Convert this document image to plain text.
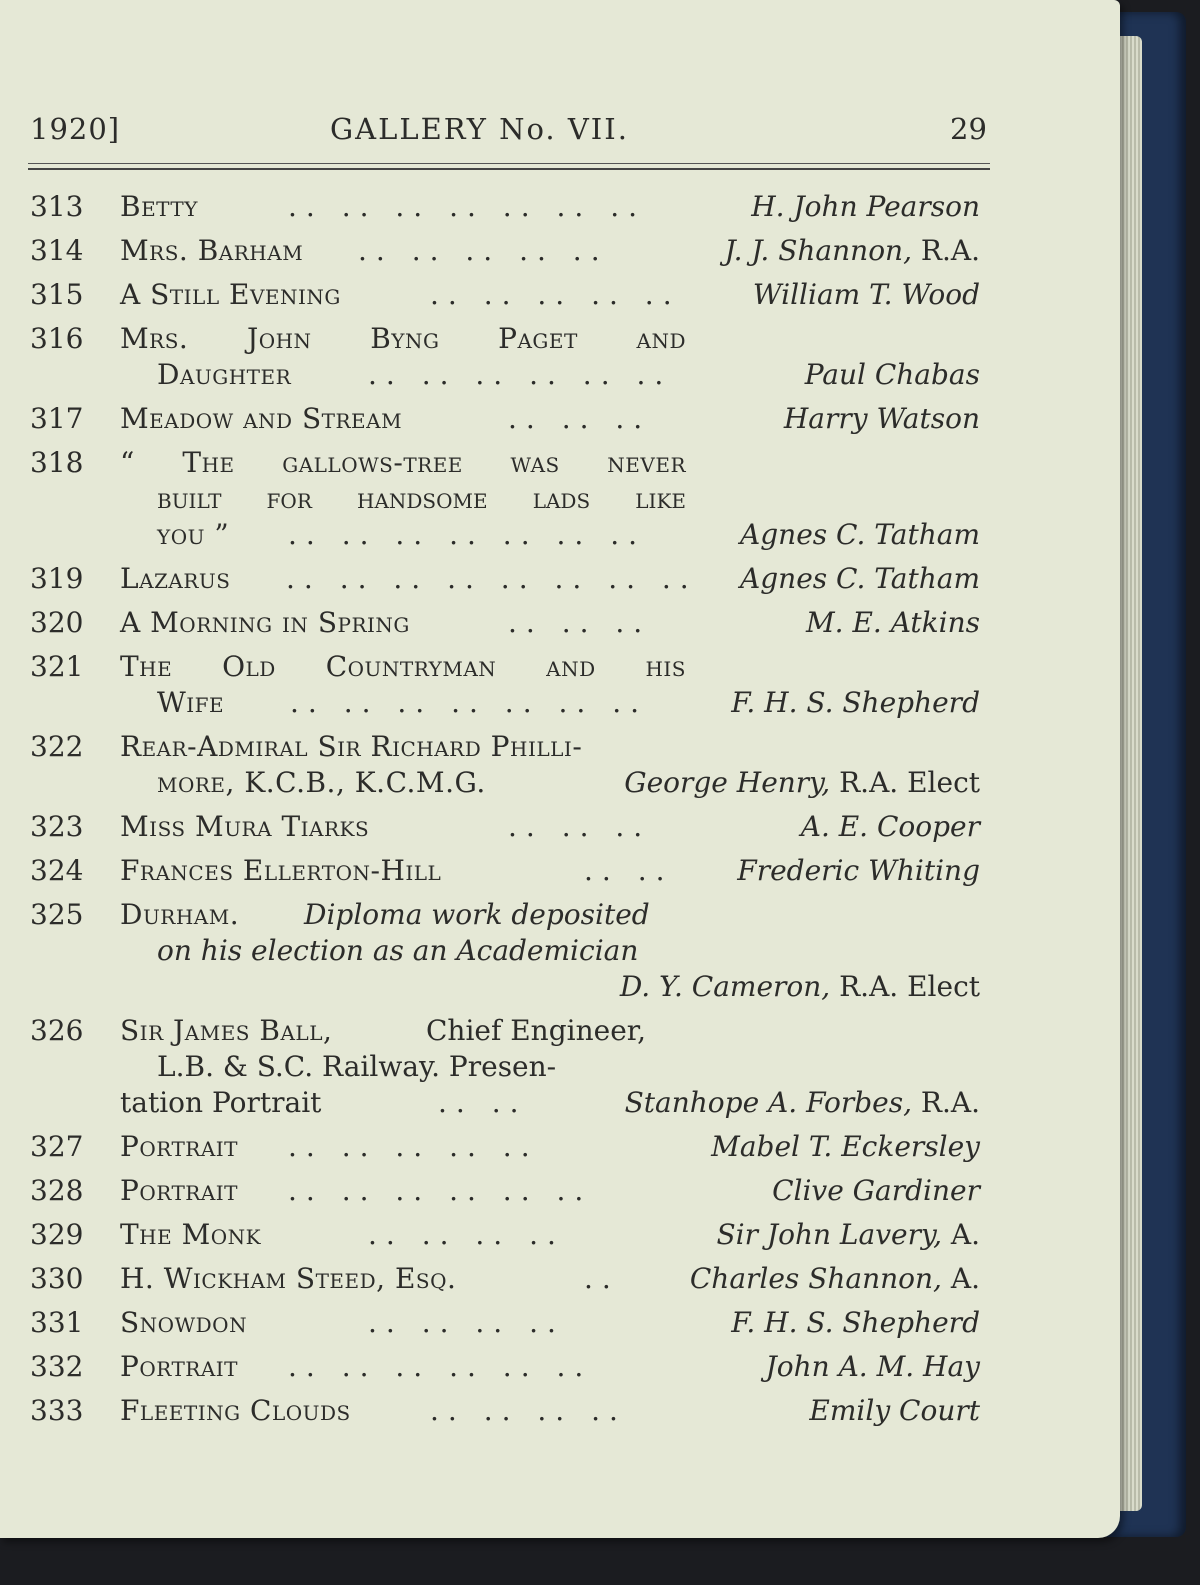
1920]	GALLERY No. VII.	29
313 Betty	.. .. .. .. .. .. ..	H. John Pearson
314 Mrs. Barham .. .. .. .. ..	J. J. Shannon, R.A.
315 A Still Evening	.. .. .. .. ..	William T. Wood
316 Mrs. John Byng Paget and
Daughter	.. .. .. .. .. ..	Paul Chabas
317 Meadow and Stream	.. .. ..	Harry Watson
318 “ The gallows-tree was never
built for handsome lads like
you ” .. .. .. .. .. .. ..	Agnes C. Tatham
319 Lazarus .. .. .. .. .. .. .. .. Agnes C. Tatham
320 A Morning in Spring	.. .. ..	M. E. Atkins
321 The Old Countryman and his
Wife .. .. .. .. .. .. ..	F. H. S. Shepherd
322 Rear-Admiral Sir Richard Philli-
more, K.C.B., K.C.M.G.	George Henry, R.A. Elect
323 Miss Mura Tiarks	.. .. ..	A. E. Cooper
324 Frances Ellerton-Hill	.. .. Frederic Whiting
325 Durham. Diploma work deposited
on his election as an Academician
D. Y. Cameron, R.A. Elect
326 Sir James Ball,	Chief Engineer,
L.B. & S.C. Railway. Presen-
tation Portrait	.. ..	Stanhope A. Forbes, R.A.
327 Portrait .. .. .. .. ..	Mabel T. Eckersley
328 Portrait .. .. .. .. .. ..	Clive Gardiner
329 The Monk	.. .. .. ..	Sir John Lavery, A.
330 H. Wickham Steed, Esq.	..	Charles Shannon, A.
331 Snowdon	.. .. .. ..	F. H. S. Shepherd
332 Portrait .. .. .. .. .. ..	John A. M. Hay
333 Fleeting Clouds	.. .. .. ..	Emily Court
